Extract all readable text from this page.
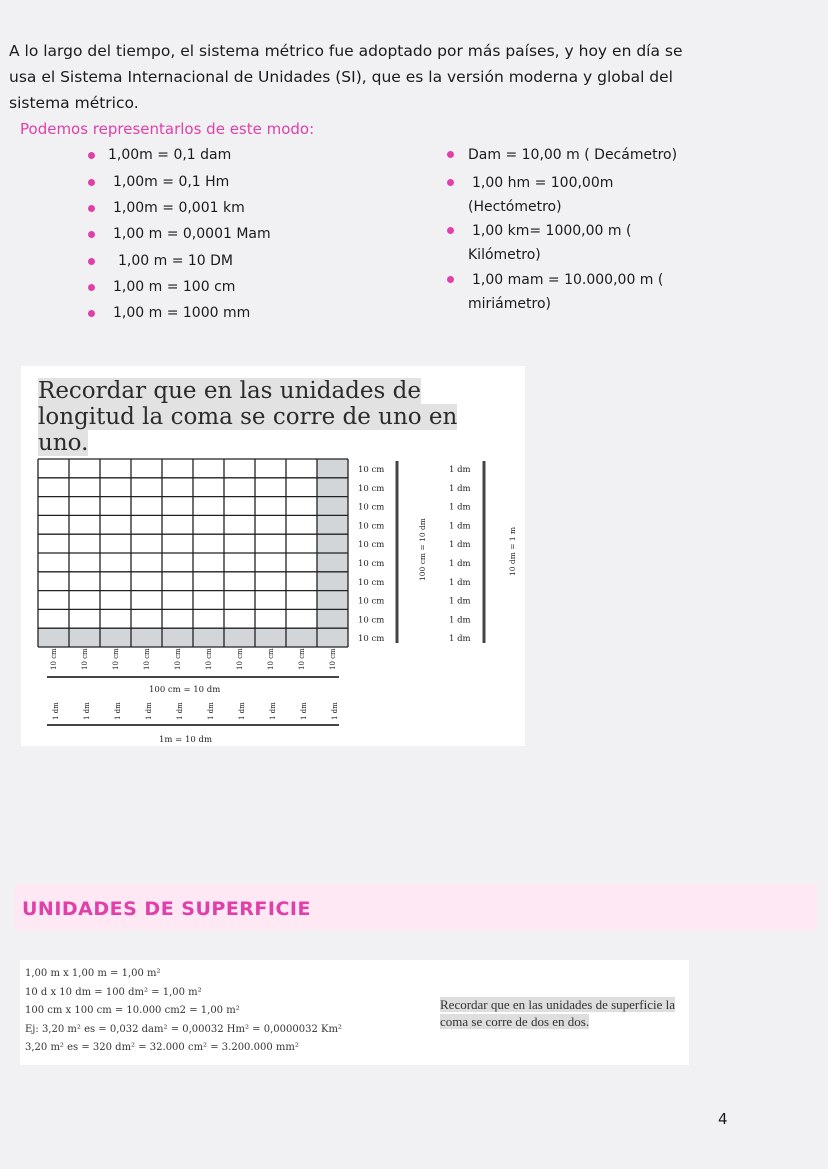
A lo largo del tiempo, el sistema métrico fue adoptado por más países, y hoy en día se

usa el Sistema Internacional de Unidades (SI), que es la versión moderna y global del

sistema métrico.

Podemos representarlos de este modo:
1,00m = 0,1 dam
1,00m = 0,1 Hm
1,00m = 0,001 km
1,00 m = 0,0001 Mam
1,00 m = 10 DM
1,00 m = 100 cm
1,00 m = 1000 mm
Dam = 10,00 m ( Decámetro)
1,00 hm = 100,00m
(Hectómetro)
1,00 km= 1000,00 m (
Kilómetro)
1,00 mam = 10.000,00 m (
miriámetro)
Recordar que en las unidades de
longitud la coma se corre de uno en
uno.
10 cm	1 dm
10 cm	1 dm
10 cm	1 dm
10 cm	1 dm
10 cm	1 dm
10 cm	1 dm
10 cm	1 dm
10 cm	1 dm
10 cm	1 dm
10 cm	1 dm
100 cm = 10 dm	10 dm = 1 m
10 cm	10 cm	10 cm	10 cm	10 cm	10 cm	10 cm	10 cm	10 cm	10 cm
100 cm = 10 dm
1 dm	1 dm	1 dm	1 dm	1 dm	1 dm	1 dm	1 dm	1 dm	1 dm
1m = 10 dm
UNIDADES DE SUPERFICIE
1,00 m x 1,00 m = 1,00 m²
10 d x 10 dm = 100 dm² = 1,00 m²
100 cm x 100 cm = 10.000 cm2 = 1,00 m²
Ej: 3,20 m² es = 0,032 dam² = 0,00032 Hm² = 0,0000032 Km²
3,20 m² es = 320 dm² = 32.000 cm² = 3.200.000 mm²
Recordar que en las unidades de superficie la coma se corre de dos en dos.
4
